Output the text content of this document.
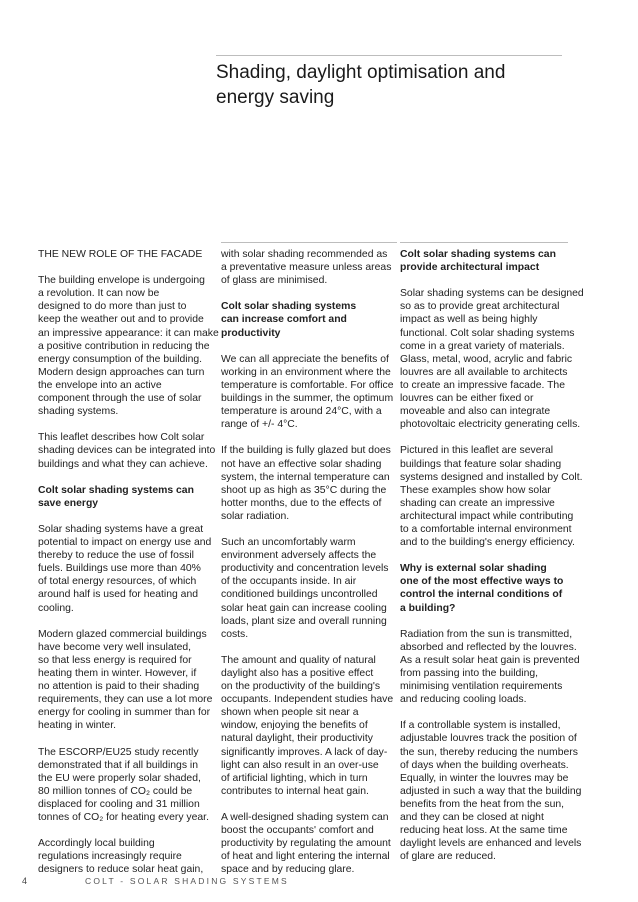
Shading, daylight optimisation and
energy saving

THE NEW ROLE OF THE FACADE

The building envelope is undergoing
a revolution. It can now be
designed to do more than just to
keep the weather out and to provide
an impressive appearance: it can make
a positive contribution in reducing the
energy consumption of the building.
Modern design approaches can turn
the envelope into an active
component through the use of solar
shading systems.

This leaflet describes how Colt solar
shading devices can be integrated into
buildings and what they can achieve.

Colt solar shading systems can
save energy

Solar shading systems have a great
potential to impact on energy use and
thereby to reduce the use of fossil
fuels. Buildings use more than 40%
of total energy resources, of which
around half is used for heating and
cooling.

Modern glazed commercial buildings
have become very well insulated,
so that less energy is required for
heating them in winter. However, if
no attention is paid to their shading
requirements, they can use a lot more
energy for cooling in summer than for
heating in winter.

The ESCORP/EU25 study recently
demonstrated that if all buildings in
the EU were properly solar shaded,
80 million tonnes of CO₂ could be
displaced for cooling and 31 million
tonnes of CO₂ for heating every year.

Accordingly local building
regulations increasingly require
designers to reduce solar heat gain,

with solar shading recommended as
a preventative measure unless areas
of glass are minimised.

Colt solar shading systems
can increase comfort and
productivity

We can all appreciate the benefits of
working in an environment where the
temperature is comfortable. For office
buildings in the summer, the optimum
temperature is around 24°C, with a
range of +/- 4°C.

If the building is fully glazed but does
not have an effective solar shading
system, the internal temperature can
shoot up as high as 35°C during the
hotter months, due to the effects of
solar radiation.

Such an uncomfortably warm
environment adversely affects the
productivity and concentration levels
of the occupants inside. In air
conditioned buildings uncontrolled
solar heat gain can increase cooling
loads, plant size and overall running
costs.

The amount and quality of natural
daylight also has a positive effect
on the productivity of the building's
occupants. Independent studies have
shown when people sit near a
window, enjoying the benefits of
natural daylight, their productivity
significantly improves. A lack of day-
light can also result in an over-use
of artificial lighting, which in turn
contributes to internal heat gain.

A well-designed shading system can
boost the occupants' comfort and
productivity by regulating the amount
of heat and light entering the internal
space and by reducing glare.

Colt solar shading systems can
provide architectural impact

Solar shading systems can be designed
so as to provide great architectural
impact as well as being highly
functional. Colt solar shading systems
come in a great variety of materials.
Glass, metal, wood, acrylic and fabric
louvres are all available to architects
to create an impressive facade. The
louvres can be either fixed or
moveable and also can integrate
photovoltaic electricity generating cells.

Pictured in this leaflet are several
buildings that feature solar shading
systems designed and installed by Colt.
These examples show how solar
shading can create an impressive
architectural impact while contributing
to a comfortable internal environment
and to the building's energy efficiency.

Why is external solar shading
one of the most effective ways to
control the internal conditions of
a building?

Radiation from the sun is transmitted,
absorbed and reflected by the louvres.
As a result solar heat gain is prevented
from passing into the building,
minimising ventilation requirements
and reducing cooling loads.

If a controllable system is installed,
adjustable louvres track the position of
the sun, thereby reducing the numbers
of days when the building overheats.
Equally, in winter the louvres may be
adjusted in such a way that the building
benefits from the heat from the sun,
and they can be closed at night
reducing heat loss. At the same time
daylight levels are enhanced and levels
of glare are reduced.

4	COLT - SOLAR SHADING SYSTEMS
